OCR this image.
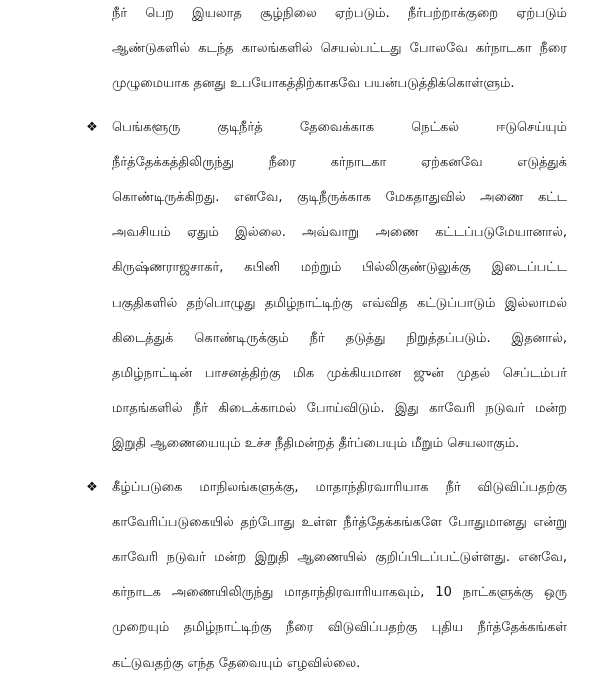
நீர் பெற இயலாத சூழ்நிலை ஏற்படும். நீர்பற்றாக்குறை ஏற்படும்
ஆண்டுகளில் கடந்த காலங்களில் செயல்பட்டது போலவே கர்நாடகா நீரை
முழுமையாக தனது உபயோகத்திற்காகவே பயன்படுத்திக்கொள்ளும்.
❖ பெங்களூரு குடிநீர்த் தேவைக்காக நெட்கல் ஈடுசெய்யும்
நீர்த்தேக்கத்திலிருந்து நீரை கர்நாடகா ஏற்கனவே எடுத்துக்
கொண்டிருக்கிறது. எனவே, குடிநீருக்காக மேகதாதுவில் அணை கட்ட
அவசியம் ஏதும் இல்லை. அவ்வாறு அணை கட்டப்படுமேயானால்,
கிருஷ்ணராஜசாகர், கபினி மற்றும் பில்லிகுண்டுலுக்கு இடைப்பட்ட
பகுதிகளில் தற்பொழுது தமிழ்நாட்டிற்கு எவ்வித கட்டுப்பாடும் இல்லாமல்
கிடைத்துக் கொண்டிருக்கும் நீர் தடுத்து நிறுத்தப்படும். இதனால்,
தமிழ்நாட்டின் பாசனத்திற்கு மிக முக்கியமான ஜுன் முதல் செப்டம்பர்
மாதங்களில் நீர் கிடைக்காமல் போய்விடும். இது காவேரி நடுவர் மன்ற
இறுதி ஆணையையும் உச்ச நீதிமன்றத் தீர்ப்பையும் மீறும் செயலாகும்.
❖ கீழ்ப்படுகை மாநிலங்களுக்கு, மாதாந்திரவாரியாக நீர் விடுவிப்பதற்கு
காவேரிப்படுகையில் தற்போது உள்ள நீர்த்தேக்கங்களே போதுமானது என்று
காவேரி நடுவர் மன்ற இறுதி ஆணையில் குறிப்பிடப்பட்டுள்ளது. எனவே,
கர்நாடக அணையிலிருந்து மாதாந்திரவாரியாகவும், 10 நாட்களுக்கு ஒரு
முறையும் தமிழ்நாட்டிற்கு நீரை விடுவிப்பதற்கு புதிய நீர்த்தேக்கங்கள்
கட்டுவதற்கு எந்த தேவையும் எழவில்லை.
